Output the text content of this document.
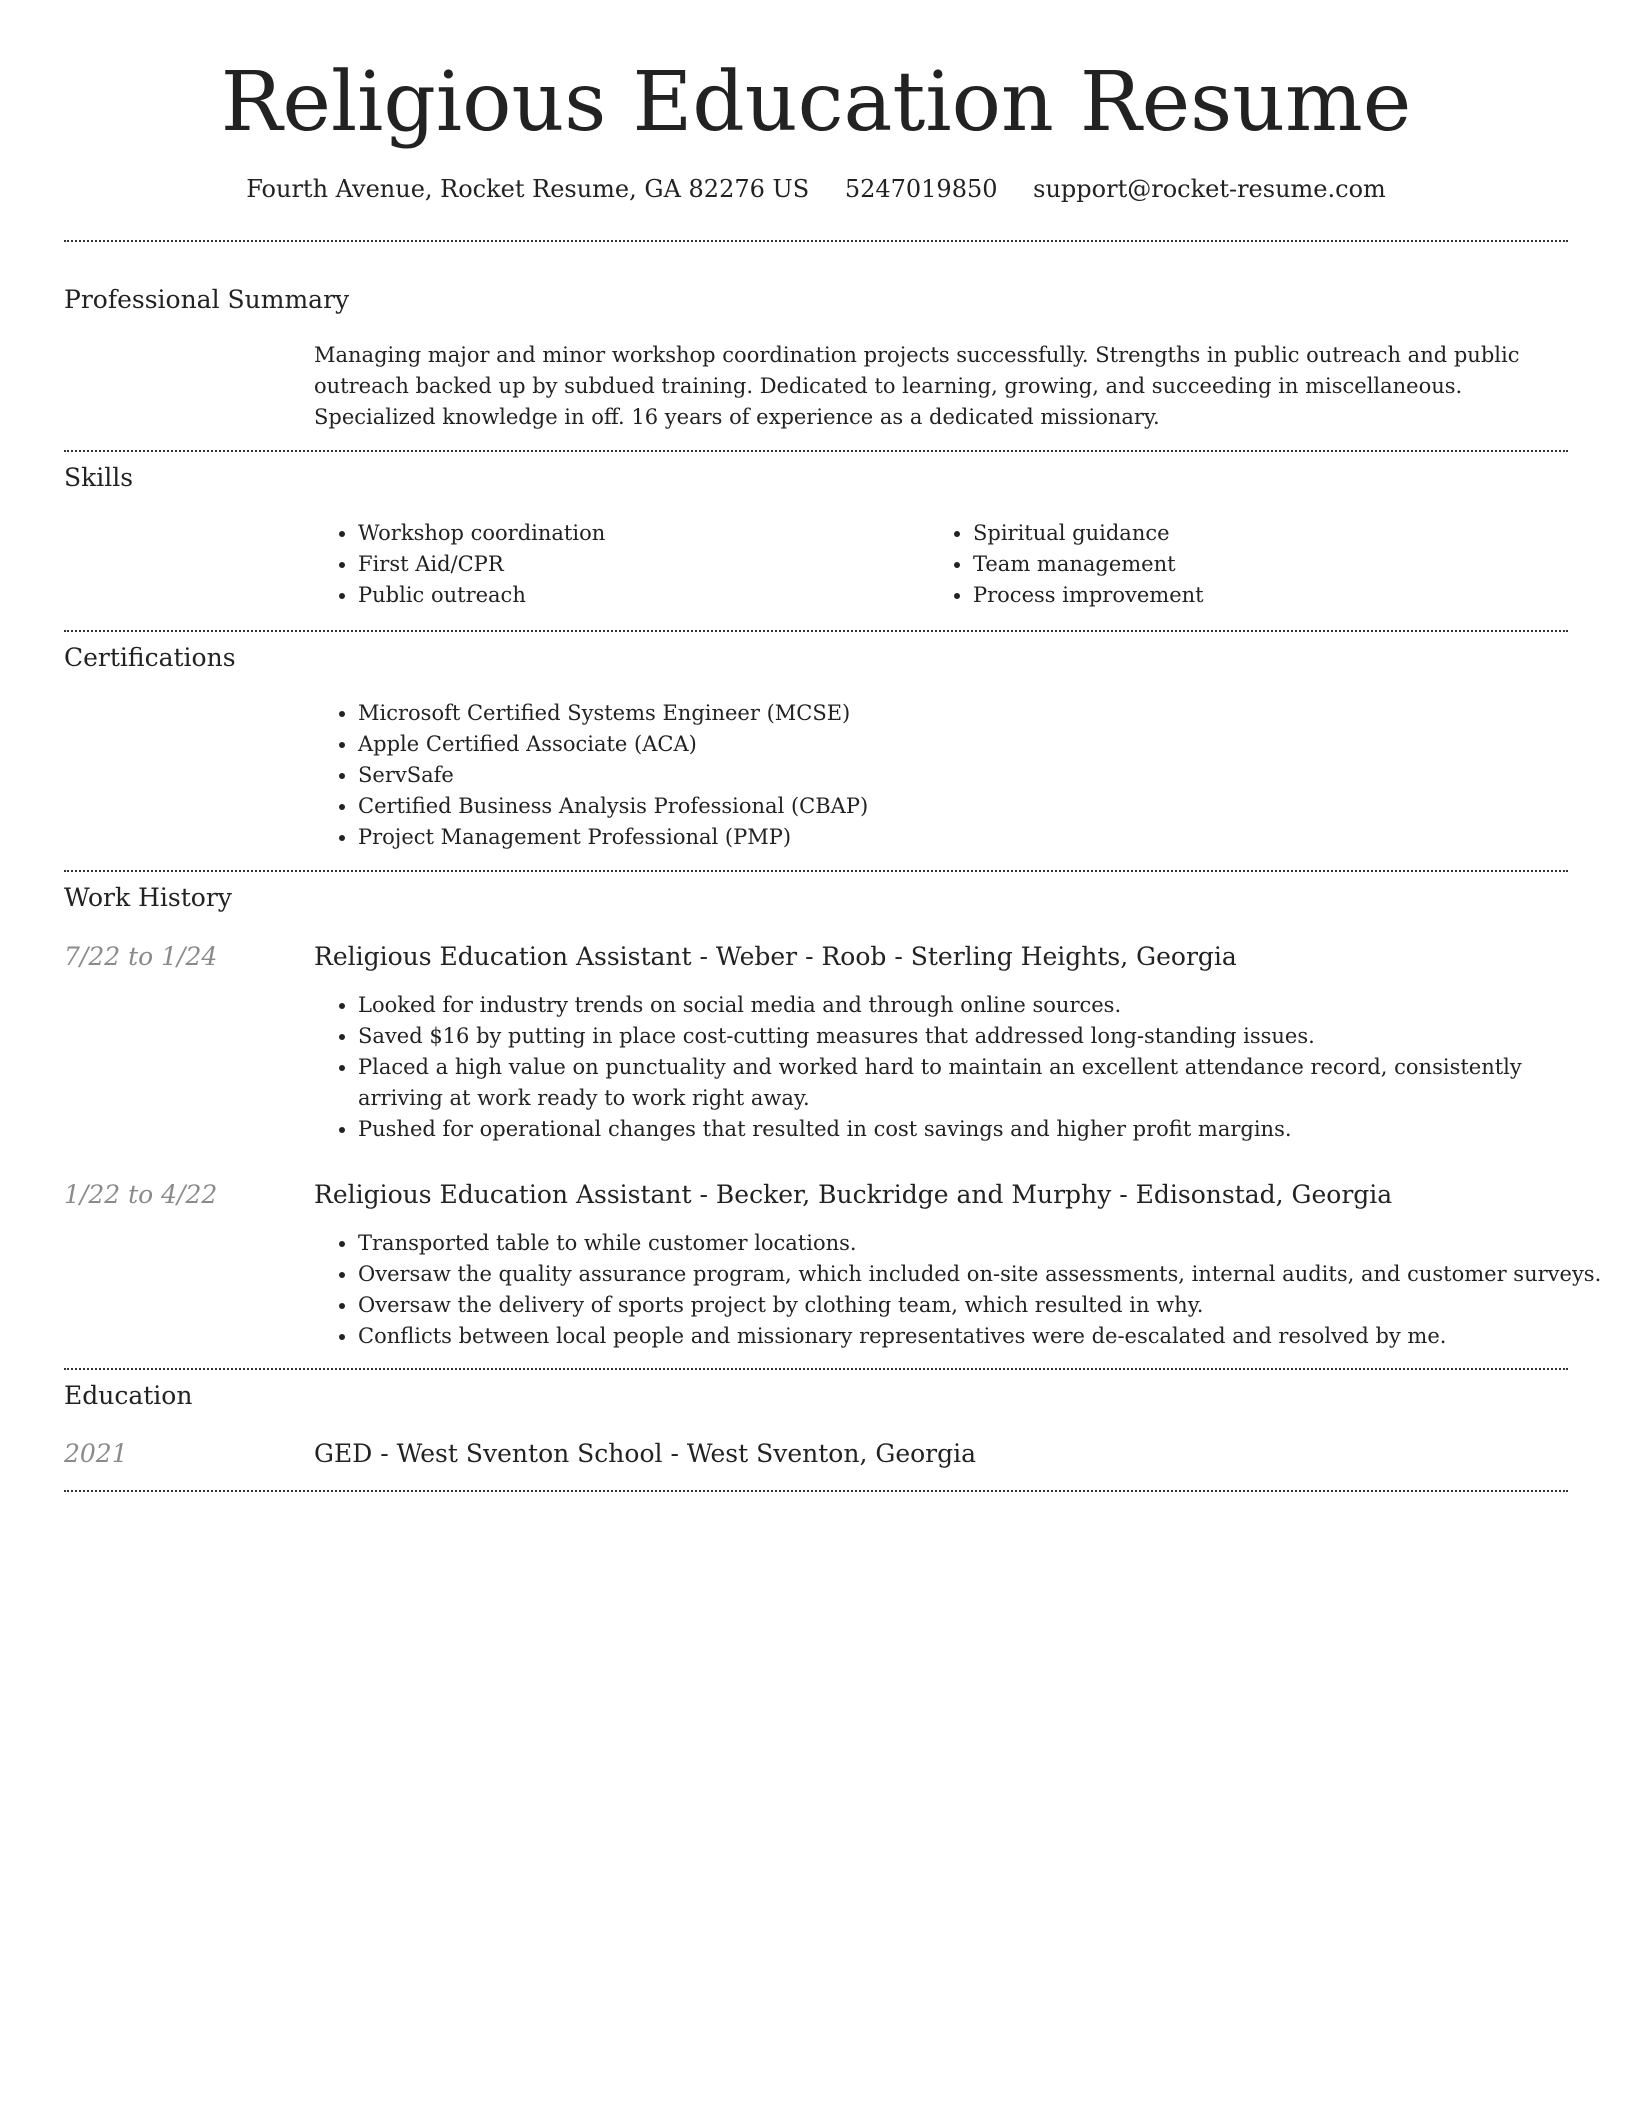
Religious Education Resume
Fourth Avenue, Rocket Resume, GA 82276 US 5247019850 support@rocket-resume.com
Professional Summary
Managing major and minor workshop coordination projects successfully. Strengths in public outreach and public outreach backed up by subdued training. Dedicated to learning, growing, and succeeding in miscellaneous. Specialized knowledge in off. 16 years of experience as a dedicated missionary.
Skills
• Workshop coordination
• First Aid/CPR
• Public outreach
• Spiritual guidance
• Team management
• Process improvement
Certifications
• Microsoft Certified Systems Engineer (MCSE)
• Apple Certified Associate (ACA)
• ServSafe
• Certified Business Analysis Professional (CBAP)
• Project Management Professional (PMP)
Work History
7/22 to 1/24	Religious Education Assistant - Weber - Roob - Sterling Heights, Georgia
• Looked for industry trends on social media and through online sources.
• Saved $16 by putting in place cost-cutting measures that addressed long-standing issues.
• Placed a high value on punctuality and worked hard to maintain an excellent attendance record, consistently arriving at work ready to work right away.
• Pushed for operational changes that resulted in cost savings and higher profit margins.
1/22 to 4/22	Religious Education Assistant - Becker, Buckridge and Murphy - Edisonstad, Georgia
• Transported table to while customer locations.
• Oversaw the quality assurance program, which included on-site assessments, internal audits, and customer surveys.
• Oversaw the delivery of sports project by clothing team, which resulted in why.
• Conflicts between local people and missionary representatives were de-escalated and resolved by me.
Education
2021	GED - West Sventon School - West Sventon, Georgia
